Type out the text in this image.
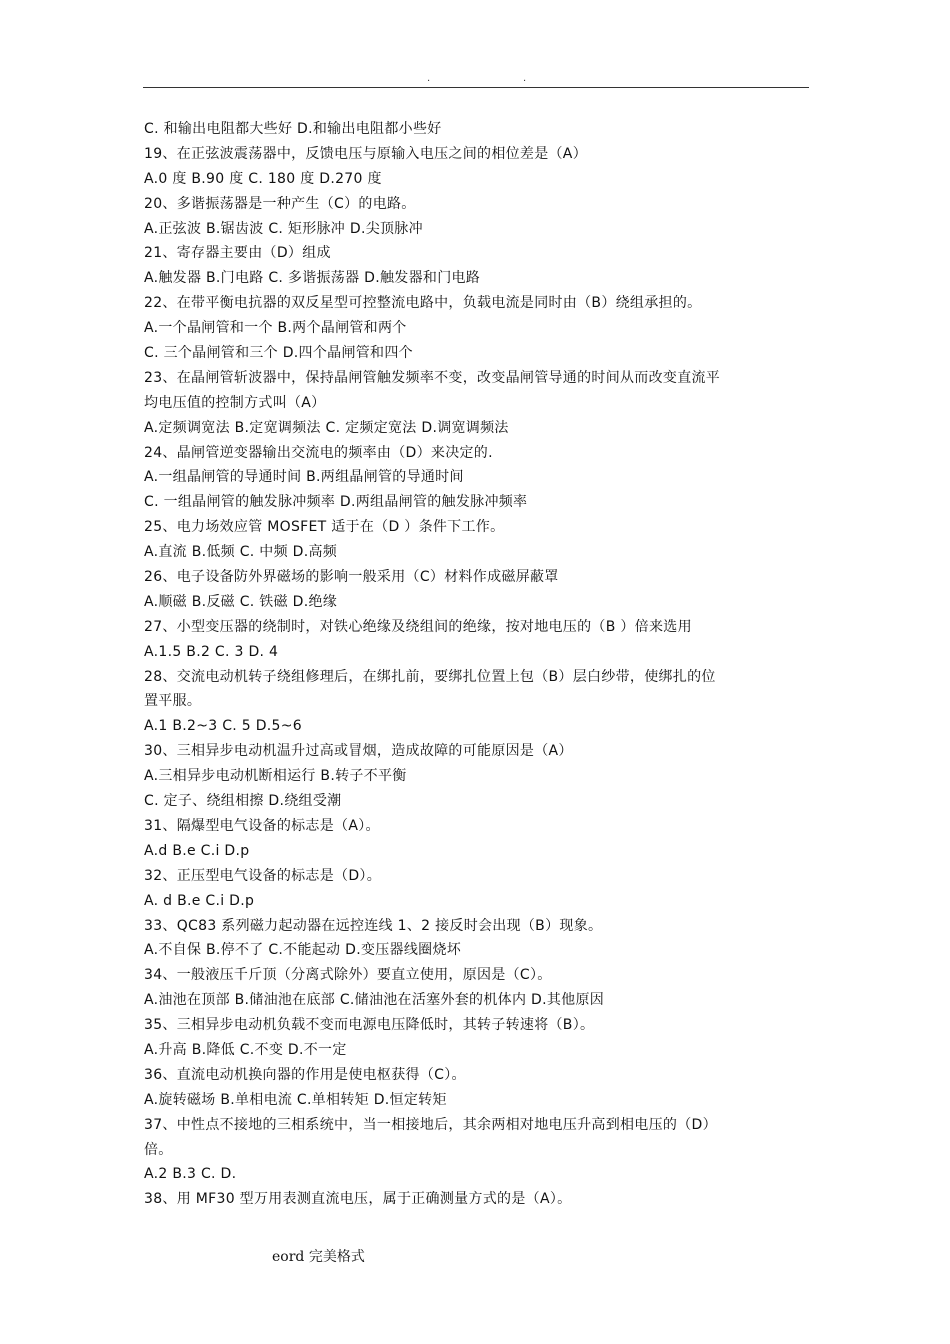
.	.
C. 和输出电阻都大些好 D.和输出电阻都小些好
19、在正弦波震荡器中，反馈电压与原输入电压之间的相位差是（A）
A.0 度 B.90 度 C. 180 度 D.270 度
20、多谐振荡器是一种产生（C）的电路。
A.正弦波 B.锯齿波 C. 矩形脉冲 D.尖顶脉冲
21、寄存器主要由（D）组成
A.触发器 B.门电路 C. 多谐振荡器 D.触发器和门电路
22、在带平衡电抗器的双反星型可控整流电路中，负载电流是同时由（B）绕组承担的。
A.一个晶闸管和一个 B.两个晶闸管和两个
C. 三个晶闸管和三个 D.四个晶闸管和四个
23、在晶闸管斩波器中，保持晶闸管触发频率不变，改变晶闸管导通的时间从而改变直流平
均电压值的控制方式叫（A）
A.定频调宽法 B.定宽调频法 C. 定频定宽法 D.调宽调频法
24、晶闸管逆变器输出交流电的频率由（D）来决定的.
A.一组晶闸管的导通时间 B.两组晶闸管的导通时间
C. 一组晶闸管的触发脉冲频率 D.两组晶闸管的触发脉冲频率
25、电力场效应管 MOSFET 适于在（D ）条件下工作。
A.直流 B.低频 C. 中频 D.高频
26、电子设备防外界磁场的影响一般采用（C）材料作成磁屏蔽罩
A.顺磁 B.反磁 C. 铁磁 D.绝缘
27、小型变压器的绕制时，对铁心绝缘及绕组间的绝缘，按对地电压的（B ）倍来选用
A.1.5 B.2 C. 3 D. 4
28、交流电动机转子绕组修理后，在绑扎前，要绑扎位置上包（B）层白纱带，使绑扎的位
置平服。
A.1 B.2~3 C. 5 D.5~6
30、三相异步电动机温升过高或冒烟，造成故障的可能原因是（A）
A.三相异步电动机断相运行 B.转子不平衡
C. 定子、绕组相擦 D.绕组受潮
31、隔爆型电气设备的标志是（A）。
A.d B.e C.i D.p
32、正压型电气设备的标志是（D）。
A. d B.e C.i D.p
33、QC83 系列磁力起动器在远控连线 1、2 接反时会出现（B）现象。
A.不自保 B.停不了 C.不能起动 D.变压器线圈烧坏
34、一般液压千斤顶（分离式除外）要直立使用，原因是（C）。
A.油池在顶部 B.储油池在底部 C.储油池在活塞外套的机体内 D.其他原因
35、三相异步电动机负载不变而电源电压降低时，其转子转速将（B）。
A.升高 B.降低 C.不变 D.不一定
36、直流电动机换向器的作用是使电枢获得（C）。
A.旋转磁场 B.单相电流 C.单相转矩 D.恒定转矩
37、中性点不接地的三相系统中，当一相接地后，其余两相对地电压升高到相电压的（D）
倍。
A.2 B.3 C. D.
38、用 MF30 型万用表测直流电压，属于正确测量方式的是（A）。
eord 完美格式
